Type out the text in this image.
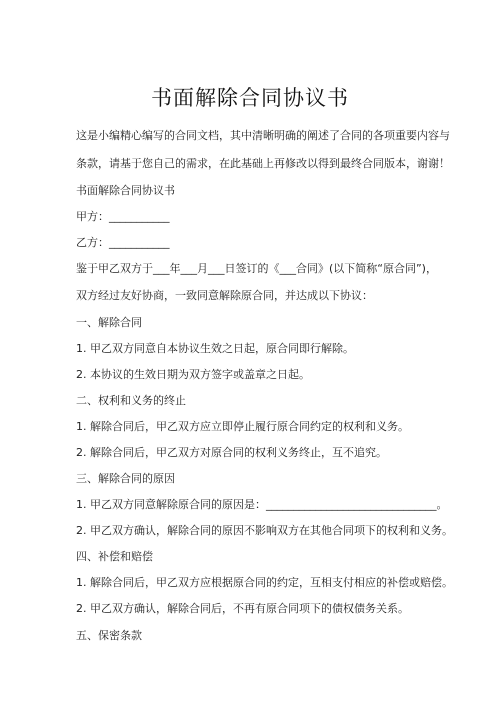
书面解除合同协议书
这是小编精心编写的合同文档，其中清晰明确的阐述了合同的各项重要内容与
条款，请基于您自己的需求，在此基础上再修改以得到最终合同版本，谢谢！
书面解除合同协议书
甲方：___________
乙方：___________
鉴于甲乙双方于___年___月___日签订的《___合同》(以下简称“原合同”)，
双方经过友好协商，一致同意解除原合同，并达成以下协议：
一、解除合同
1. 甲乙双方同意自本协议生效之日起，原合同即行解除。
2. 本协议的生效日期为双方签字或盖章之日起。
二、权利和义务的终止
1. 解除合同后，甲乙双方应立即停止履行原合同约定的权利和义务。
2. 解除合同后，甲乙双方对原合同的权利义务终止，互不追究。
三、解除合同的原因
1. 甲乙双方同意解除原合同的原因是：_______________________________。
2. 甲乙双方确认，解除合同的原因不影响双方在其他合同项下的权利和义务。
四、补偿和赔偿
1. 解除合同后，甲乙双方应根据原合同的约定，互相支付相应的补偿或赔偿。
2. 甲乙双方确认，解除合同后，不再有原合同项下的债权债务关系。
五、保密条款
